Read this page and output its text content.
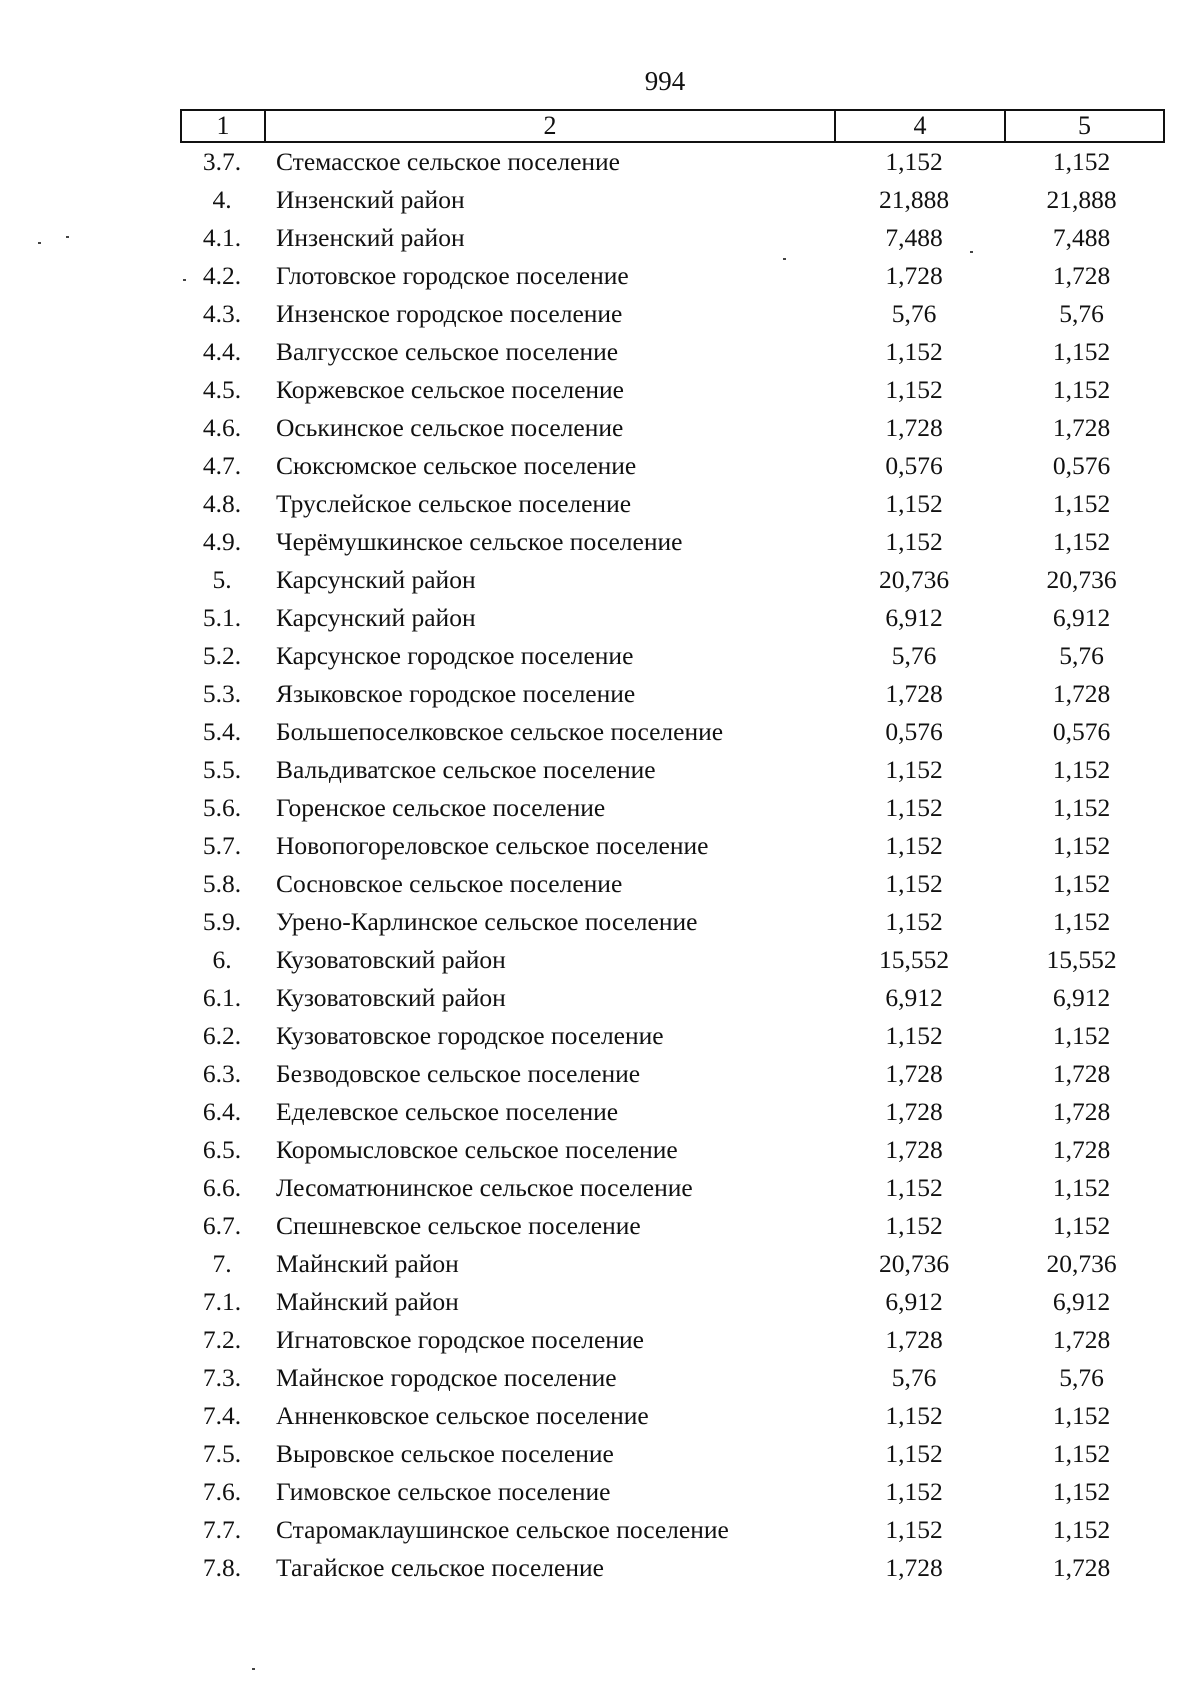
994
1	2	4	5
3.7.	Стемасское сельское поселение	1,152	1,152
4.	Инзенский район	21,888	21,888
4.1.	Инзенский район	7,488	7,488
4.2.	Глотовское городское поселение	1,728	1,728
4.3.	Инзенское городское поселение	5,76	5,76
4.4.	Валгусское сельское поселение	1,152	1,152
4.5.	Коржевское сельское поселение	1,152	1,152
4.6.	Оськинское сельское поселение	1,728	1,728
4.7.	Сюксюмское сельское поселение	0,576	0,576
4.8.	Труслейское сельское поселение	1,152	1,152
4.9.	Черёмушкинское сельское поселение	1,152	1,152
5.	Карсунский район	20,736	20,736
5.1.	Карсунский район	6,912	6,912
5.2.	Карсунское городское поселение	5,76	5,76
5.3.	Языковское городское поселение	1,728	1,728
5.4.	Большепоселковское сельское поселение	0,576	0,576
5.5.	Вальдиватское сельское поселение	1,152	1,152
5.6.	Горенское сельское поселение	1,152	1,152
5.7.	Новопогореловское сельское поселение	1,152	1,152
5.8.	Сосновское сельское поселение	1,152	1,152
5.9.	Урено-Карлинское сельское поселение	1,152	1,152
6.	Кузоватовский район	15,552	15,552
6.1.	Кузоватовский район	6,912	6,912
6.2.	Кузоватовское городское поселение	1,152	1,152
6.3.	Безводовское сельское поселение	1,728	1,728
6.4.	Еделевское сельское поселение	1,728	1,728
6.5.	Коромысловское сельское поселение	1,728	1,728
6.6.	Лесоматюнинское сельское поселение	1,152	1,152
6.7.	Спешневское сельское поселение	1,152	1,152
7.	Майнский район	20,736	20,736
7.1.	Майнский район	6,912	6,912
7.2.	Игнатовское городское поселение	1,728	1,728
7.3.	Майнское городское поселение	5,76	5,76
7.4.	Анненковское сельское поселение	1,152	1,152
7.5.	Выровское сельское поселение	1,152	1,152
7.6.	Гимовское сельское поселение	1,152	1,152
7.7.	Старомаклаушинское сельское поселение	1,152	1,152
7.8.	Тагайское сельское поселение	1,728	1,728
